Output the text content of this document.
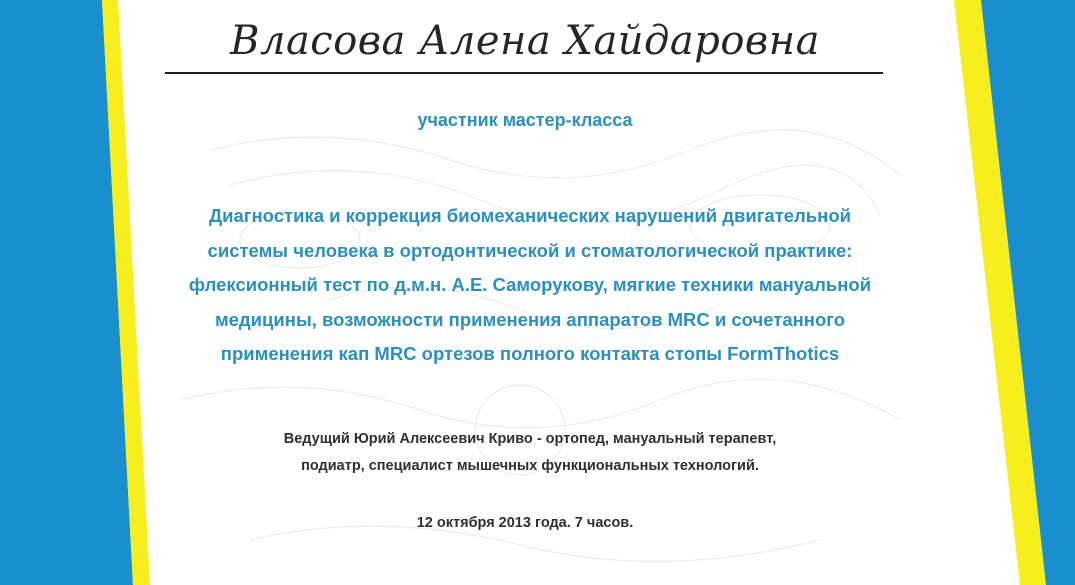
Власова Алена Хайдаровна
участник мастер-класса
Диагностика и коррекция биомеханических нарушений двигательной
системы человека в ортодонтической и стоматологической практике:
флексионный тест по д.м.н. А.Е. Саморукову, мягкие техники мануальной
медицины, возможности применения аппаратов MRC и сочетанного
применения кап MRC ортезов полного контакта стопы FormThotics
Ведущий Юрий Алексеевич Криво - ортопед, мануальный терапевт,
подиатр, специалист мышечных функциональных технологий.
12 октября 2013 года. 7 часов.
